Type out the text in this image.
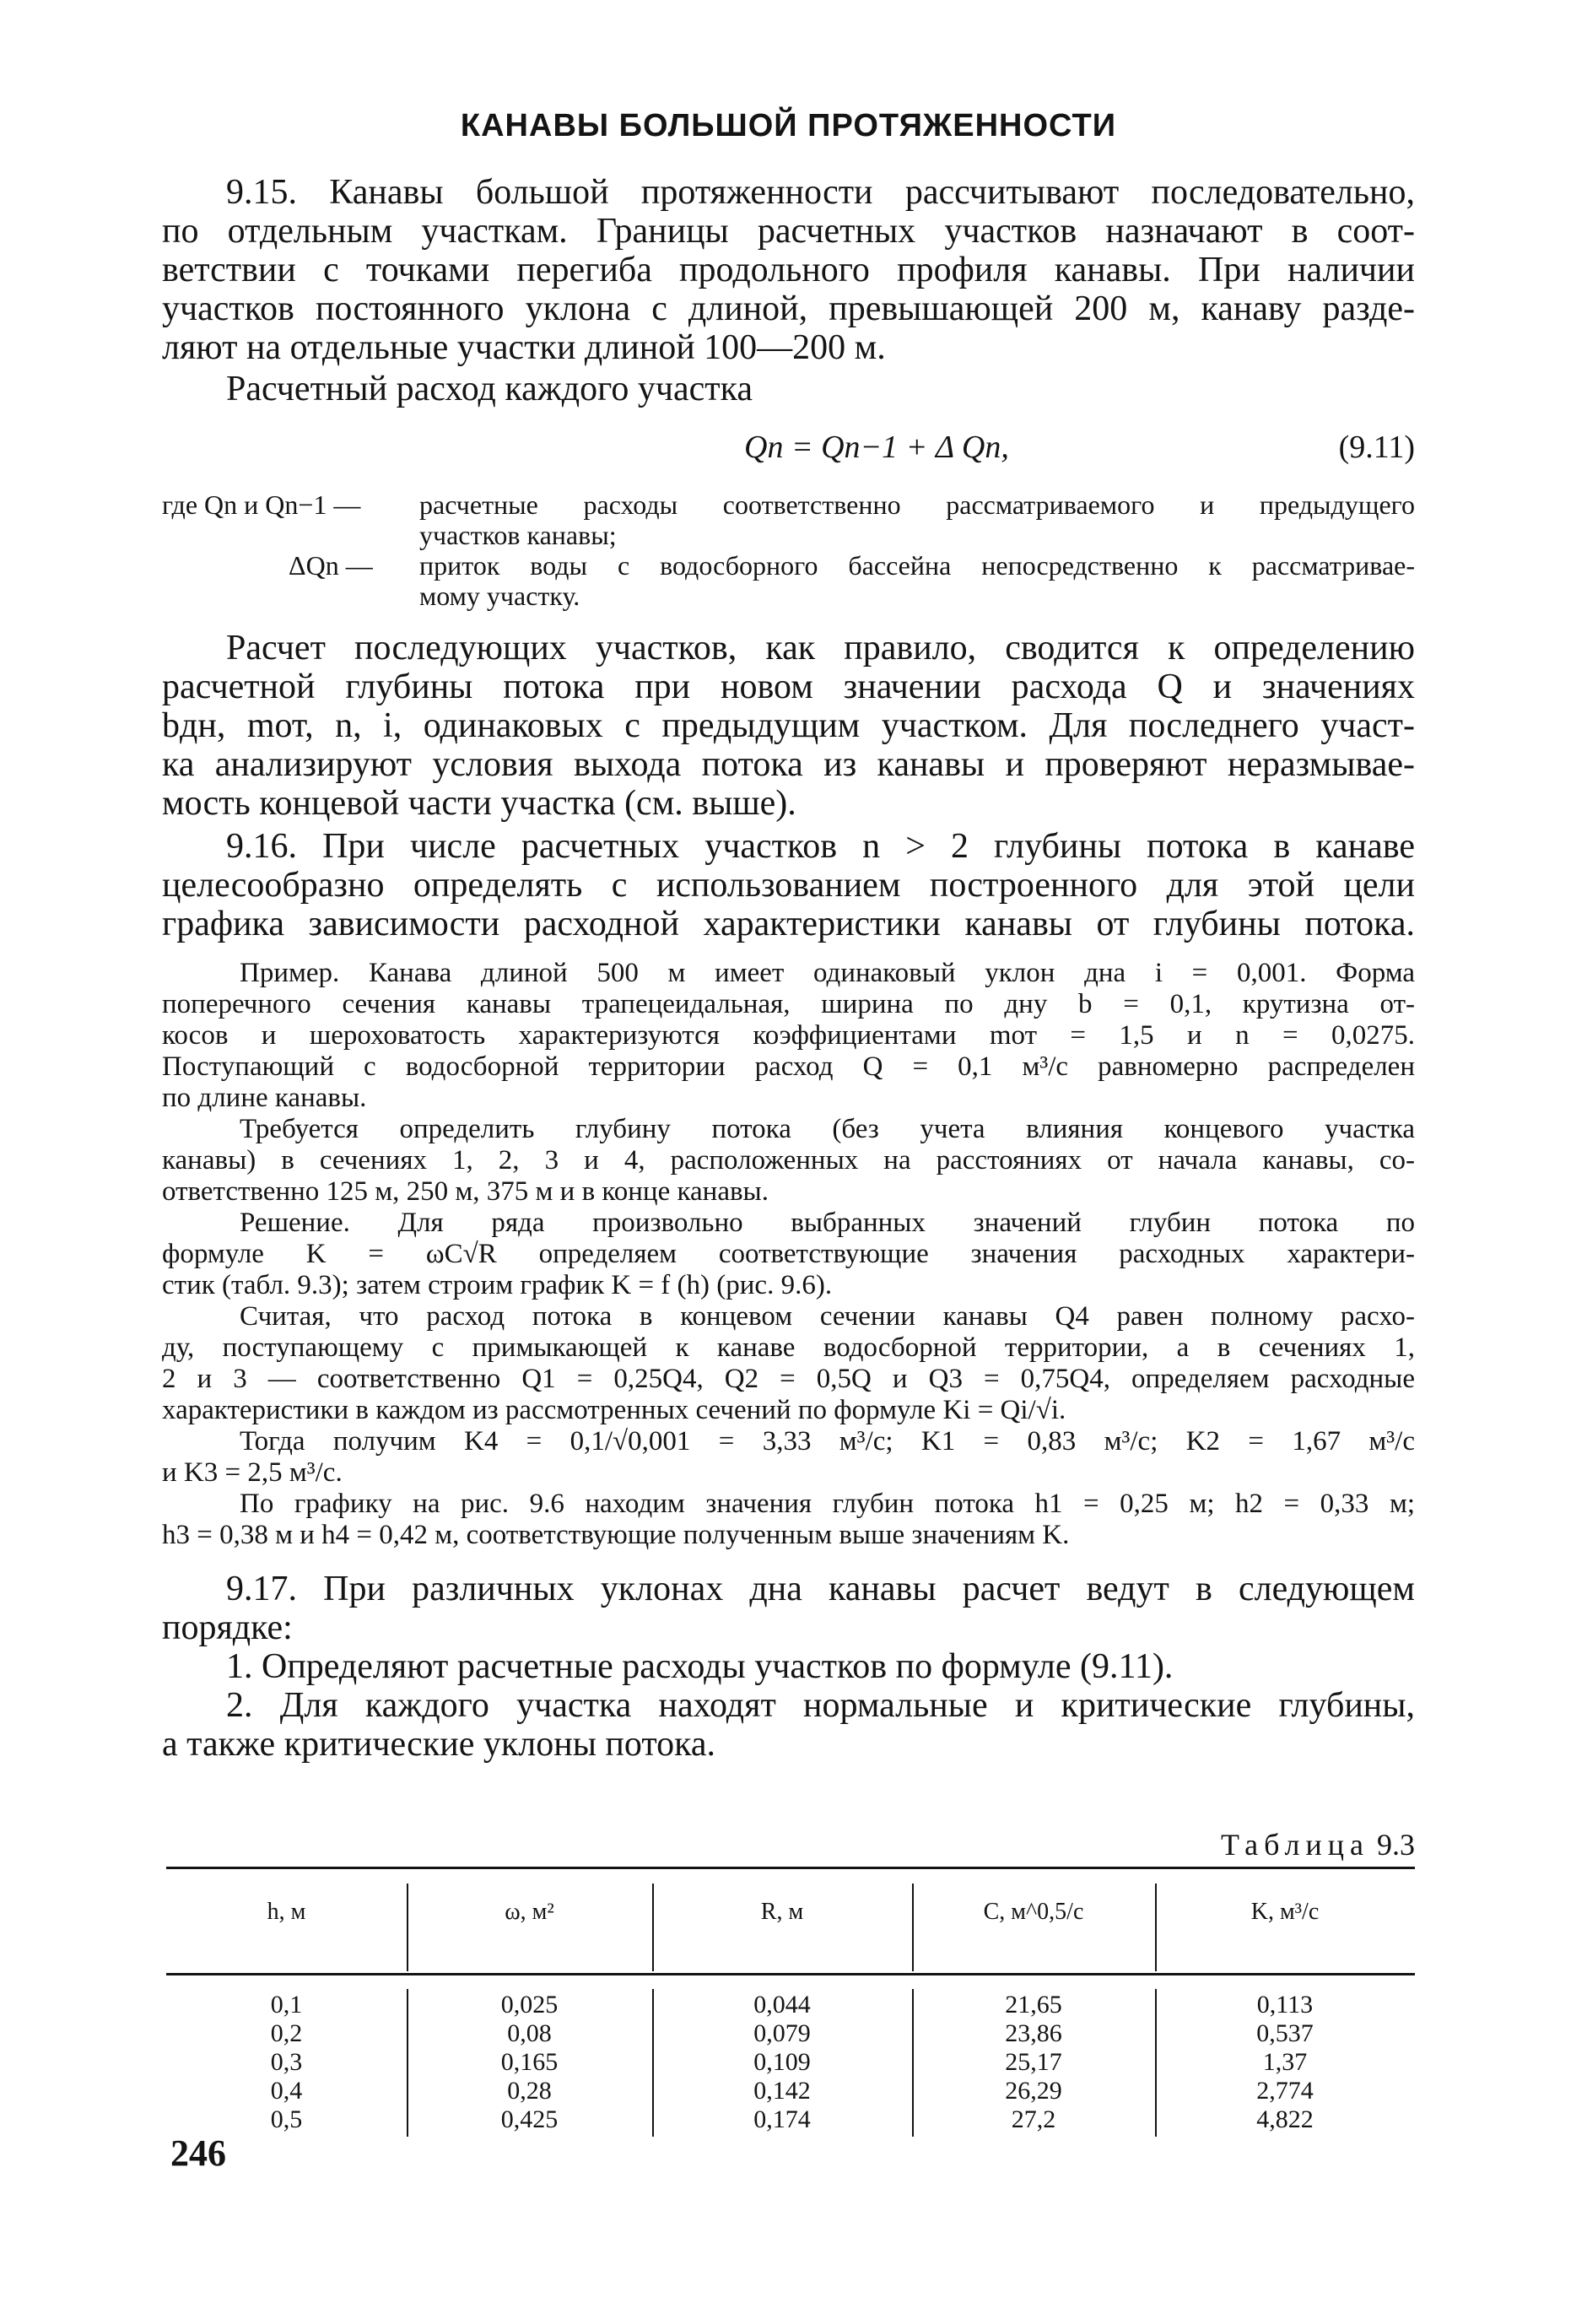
КАНАВЫ БОЛЬШОЙ ПРОТЯЖЕННОСТИ
9.15. Канавы большой протяженности рассчитывают последовательно,
по отдельным участкам. Границы расчетных участков назначают в соот-
ветствии с точками перегиба продольного профиля канавы. При наличии
участков постоянного уклона с длиной, превышающей 200 м, канаву разде-
ляют на отдельные участки длиной 100—200 м.
Расчетный расход каждого участка
Qn = Qn−1 + Δ Qn,	(9.11)
где Qn и Qn−1 — расчетные расходы соответственно рассматриваемого и предыдущего
участков канавы;
ΔQn — приток воды с водосборного бассейна непосредственно к рассматривае-
мому участку.
Расчет последующих участков, как правило, сводится к определению
расчетной глубины потока при новом значении расхода Q и значениях
bдн, mот, n, i, одинаковых с предыдущим участком. Для последнего участ-
ка анализируют условия выхода потока из канавы и проверяют неразмывае-
мость концевой части участка (см. выше).
9.16. При числе расчетных участков n > 2 глубины потока в канаве
целесообразно определять с использованием построенного для этой цели
графика зависимости расходной характеристики канавы от глубины потока.
Пример. Канава длиной 500 м имеет одинаковый уклон дна i = 0,001. Форма
поперечного сечения канавы трапецеидальная, ширина по дну b = 0,1, крутизна от-
косов и шероховатость характеризуются коэффициентами mот = 1,5 и n = 0,0275.
Поступающий с водосборной территории расход Q = 0,1 м³/с равномерно распределен
по длине канавы.
Требуется определить глубину потока (без учета влияния концевого участка
канавы) в сечениях 1, 2, 3 и 4, расположенных на расстояниях от начала канавы, со-
ответственно 125 м, 250 м, 375 м и в конце канавы.
Решение. Для ряда произвольно выбранных значений глубин потока по
формуле K = ωC√R определяем соответствующие значения расходных характери-
стик (табл. 9.3); затем строим график K = f (h) (рис. 9.6).
Считая, что расход потока в концевом сечении канавы Q4 равен полному расхо-
ду, поступающему с примыкающей к канаве водосборной территории, а в сечениях 1,
2 и 3 — соответственно Q1 = 0,25Q4, Q2 = 0,5Q и Q3 = 0,75Q4, определяем расходные
характеристики в каждом из рассмотренных сечений по формуле Ki = Qi/√i.
Тогда получим K4 = 0,1/√0,001 = 3,33 м³/с; K1 = 0,83 м³/с; K2 = 1,67 м³/с
и K3 = 2,5 м³/с.
По графику на рис. 9.6 находим значения глубин потока h1 = 0,25 м; h2 = 0,33 м;
h3 = 0,38 м и h4 = 0,42 м, соответствующие полученным выше значениям K.
9.17. При различных уклонах дна канавы расчет ведут в следующем
порядке:
1. Определяют расчетные расходы участков по формуле (9.11).
2. Для каждого участка находят нормальные и критические глубины,
а также критические уклоны потока.
Таблица 9.3
h, м	ω, м²	R, м	C, м^0,5/с	K, м³/с
0,1	0,025	0,044	21,65	0,113
0,2	0,08	0,079	23,86	0,537
0,3	0,165	0,109	25,17	1,37
0,4	0,28	0,142	26,29	2,774
0,5	0,425	0,174	27,2	4,822
246
